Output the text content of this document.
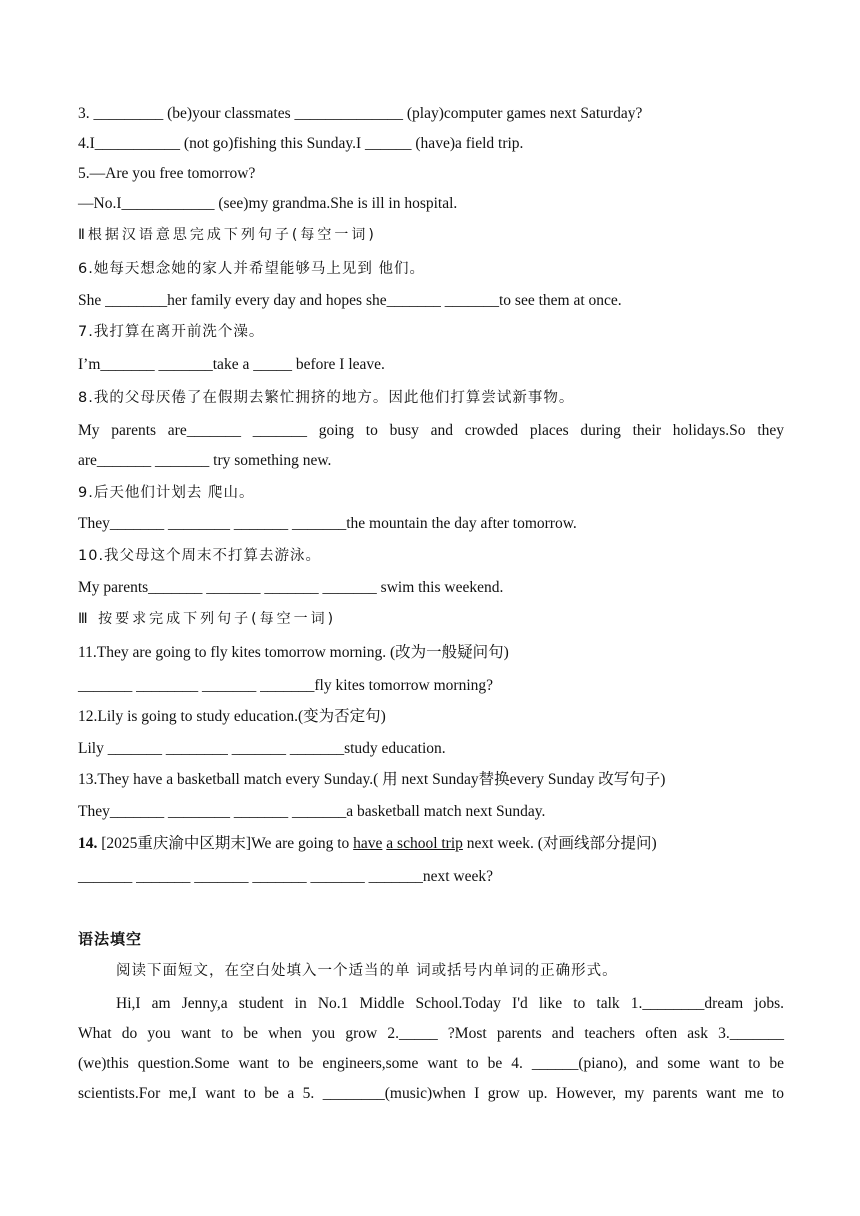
3. _________ (be)your classmates ______________ (play)computer games next Saturday?
4.I___________ (not go)fishing this Sunday.I ______ (have)a field trip.
5.—Are you free tomorrow?
—No.I____________ (see)my grandma.She is ill in hospital.
Ⅱ根据汉语意思完成下列句子(每空一词)
6.她每天想念她的家人并希望能够马上见到 他们。
She ________her family every day and hopes she_______ _______to see them at once.
7.我打算在离开前洗个澡。
I’m_______ _______take a _____ before I leave.
8.我的父母厌倦了在假期去繁忙拥挤的地方。因此他们打算尝试新事物。
My parents are_______ _______ going to busy and crowded places during their holidays.So they
are_______ _______ try something new.
9.后天他们计划去 爬山。
They_______ ________ _______ _______the mountain the day after tomorrow.
10.我父母这个周末不打算去游泳。
My parents_______ _______ _______ _______ swim this weekend.
Ⅲ 按要求完成下列句子(每空一词)
11.They are going to fly kites tomorrow morning. (改为一般疑问句)
_______ ________ _______ _______fly kites tomorrow morning?
12.Lily is going to study education.(变为否定句)
Lily _______ ________ _______ _______study education.
13.They have a basketball match every Sunday.( 用 next Sunday替换every Sunday 改写句子)
They_______ ________ _______ _______a basketball match next Sunday.
14. [2025重庆渝中区期末]We are going to have a school trip next week. (对画线部分提问)
_______ _______ _______ _______ _______ _______next week?
语法填空
阅读下面短文，在空白处填入一个适当的单 词或括号内单词的正确形式。
Hi,I am Jenny,a student in No.1 Middle School.Today I'd like to talk 1.________dream jobs.
What do you want to be when you grow 2._____ ?Most parents and teachers often ask 3._______
(we)this question.Some want to be engineers,some want to be 4. ______(piano), and some want to be
scientists.For me,I want to be a 5. ________(music)when I grow up. However, my parents want me to
